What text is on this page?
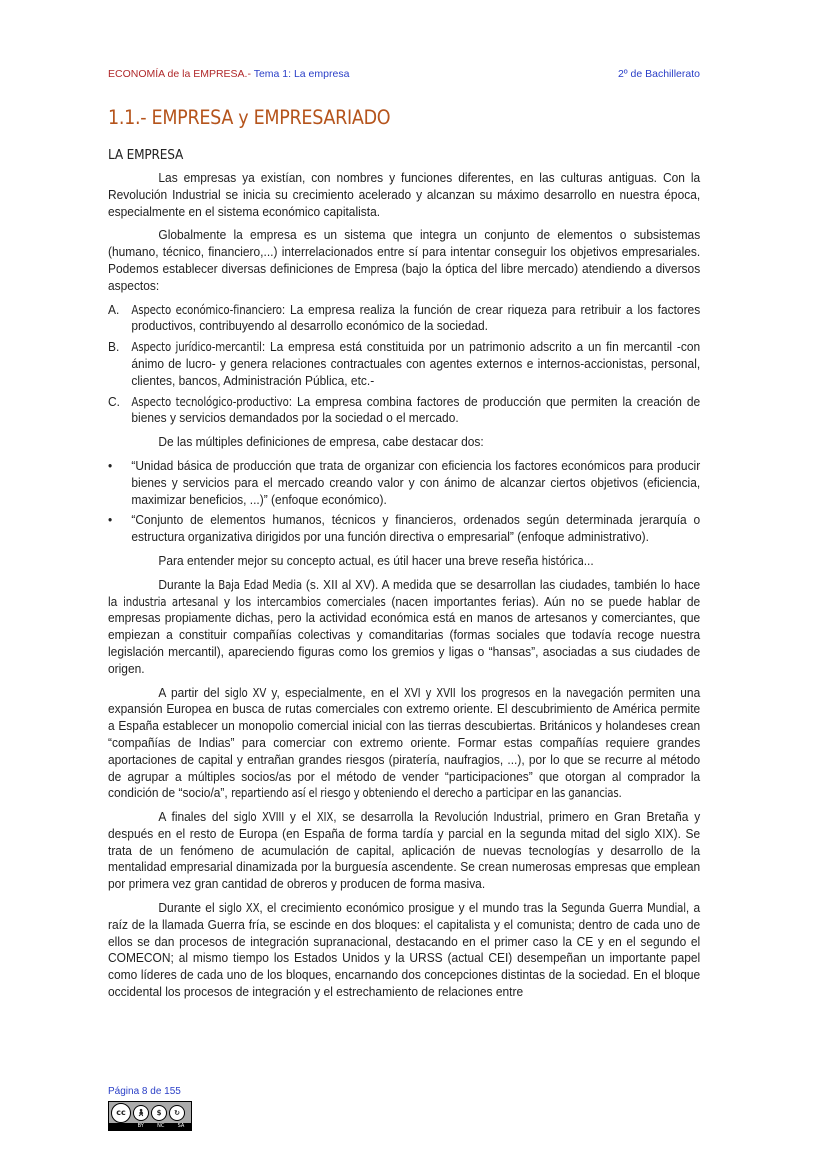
ECONOMÍA de la EMPRESA.- Tema 1: La empresa	2º de Bachillerato
1.1.- EMPRESA y EMPRESARIADO
LA EMPRESA

Las empresas ya existían, con nombres y funciones diferentes, en las culturas antiguas. Con la Revolución Industrial se inicia su crecimiento acelerado y alcanzan su máximo desarrollo en nuestra época, especialmente en el sistema económico capitalista.

Globalmente la empresa es un sistema que integra un conjunto de elementos o subsistemas (humano, técnico, financiero,...) interrelacionados entre sí para intentar conseguir los objetivos empresariales. Podemos establecer diversas definiciones de Empresa (bajo la óptica del libre mercado) atendiendo a diversos aspectos:

A. Aspecto económico-financiero: La empresa realiza la función de crear riqueza para retribuir a los factores productivos, contribuyendo al desarrollo económico de la sociedad.
B. Aspecto jurídico-mercantil: La empresa está constituida por un patrimonio adscrito a un fin mercantil -con ánimo de lucro- y genera relaciones contractuales con agentes externos e internos-accionistas, personal, clientes, bancos, Administración Pública, etc.-
C. Aspecto tecnológico-productivo: La empresa combina factores de producción que permiten la creación de bienes y servicios demandados por la sociedad o el mercado.

De las múltiples definiciones de empresa, cabe destacar dos:

• “Unidad básica de producción que trata de organizar con eficiencia los factores económicos para producir bienes y servicios para el mercado creando valor y con ánimo de alcanzar ciertos objetivos (eficiencia, maximizar beneficios, ...)” (enfoque económico).
• “Conjunto de elementos humanos, técnicos y financieros, ordenados según determinada jerarquía o estructura organizativa dirigidos por una función directiva o empresarial” (enfoque administrativo).

Para entender mejor su concepto actual, es útil hacer una breve reseña histórica...

Durante la Baja Edad Media (s. XII al XV). A medida que se desarrollan las ciudades, también lo hace la industria artesanal y los intercambios comerciales (nacen importantes ferias). Aún no se puede hablar de empresas propiamente dichas, pero la actividad económica está en manos de artesanos y comerciantes, que empiezan a constituir compañías colectivas y comanditarias (formas sociales que todavía recoge nuestra legislación mercantil), apareciendo figuras como los gremios y ligas o “hansas”, asociadas a sus ciudades de origen.

A partir del siglo XV y, especialmente, en el XVI y XVII los progresos en la navegación permiten una expansión Europea en busca de rutas comerciales con extremo oriente. El descubrimiento de América permite a España establecer un monopolio comercial inicial con las tierras descubiertas. Británicos y holandeses crean “compañías de Indias” para comerciar con extremo oriente. Formar estas compañías requiere grandes aportaciones de capital y entrañan grandes riesgos (piratería, naufragios, ...), por lo que se recurre al método de agrupar a múltiples socios/as por el método de vender “participaciones” que otorgan al comprador la condición de “socio/a”, repartiendo así el riesgo y obteniendo el derecho a participar en las ganancias.

A finales del siglo XVIII y el XIX, se desarrolla la Revolución Industrial, primero en Gran Bretaña y después en el resto de Europa (en España de forma tardía y parcial en la segunda mitad del siglo XIX). Se trata de un fenómeno de acumulación de capital, aplicación de nuevas tecnologías y desarrollo de la mentalidad empresarial dinamizada por la burguesía ascendente. Se crean numerosas empresas que emplean por primera vez gran cantidad de obreros y producen de forma masiva.

Durante el siglo XX, el crecimiento económico prosigue y el mundo tras la Segunda Guerra Mundial, a raíz de la llamada Guerra fría, se escinde en dos bloques: el capitalista y el comunista; dentro de cada uno de ellos se dan procesos de integración supranacional, destacando en el primer caso la CE y en el segundo el COMECON; al mismo tiempo los Estados Unidos y la URSS (actual CEI) desempeñan un importante papel como líderes de cada uno de los bloques, encarnando dos concepciones distintas de la sociedad. En el bloque occidental los procesos de integración y el estrechamiento de relaciones entre

Página 8 de 155
cc	🚶︎	$	↻
BY	NC	SA
